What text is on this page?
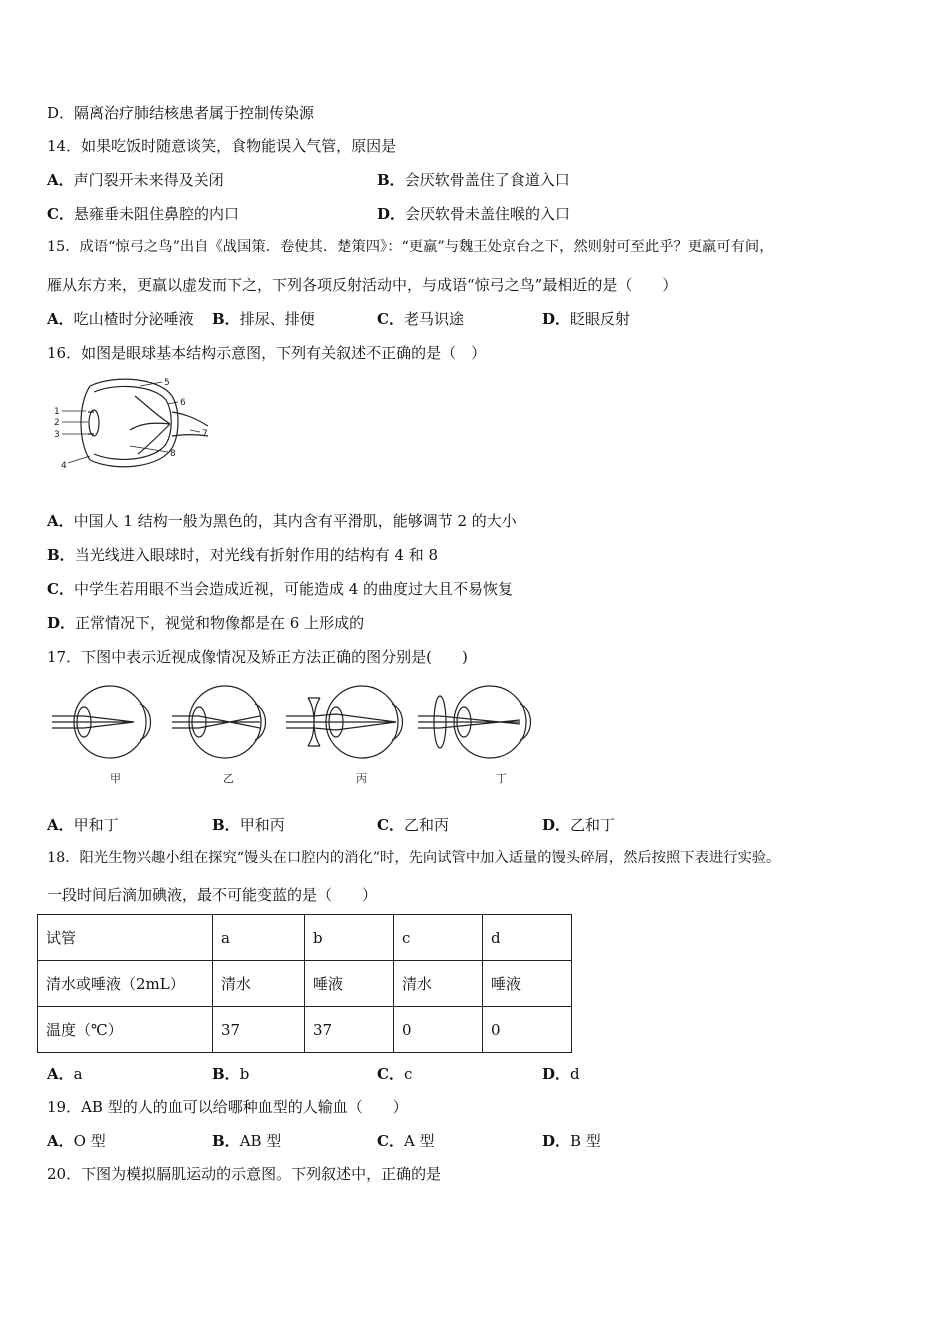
D．隔离治疗肺结核患者属于控制传染源
14．如果吃饭时随意谈笑，食物能误入气管，原因是
A．声门裂开未来得及关闭	B．会厌软骨盖住了食道入口
C．悬雍垂未阻住鼻腔的内口	D．会厌软骨未盖住喉的入口
15．成语“惊弓之鸟”出自《战国策．卷使其．楚策四》：“更羸”与魏王处京台之下，然则射可至此乎？更羸可有间，
雁从东方来，更羸以虚发而下之，下列各项反射活动中，与成语“惊弓之鸟”最相近的是（　　）
A．吃山楂时分泌唾液 B．排尿、排便	C．老马识途	D．眨眼反射
16．如图是眼球基本结构示意图，下列有关叙述不正确的是（　）
1
2
3
4
5
6
7
8
A．中国人 1 结构一般为黑色的，其内含有平滑肌，能够调节 2 的大小
B．当光线进入眼球时，对光线有折射作用的结构有 4 和 8
C．中学生若用眼不当会造成近视，可能造成 4 的曲度过大且不易恢复
D．正常情况下，视觉和物像都是在 6 上形成的
17．下图中表示近视成像情况及矫正方法正确的图分别是(　　)
甲	乙	丙	丁
A．甲和丁	B．甲和丙	C．乙和丙	D．乙和丁
18．阳光生物兴趣小组在探究“馒头在口腔内的消化”时，先向试管中加入适量的馒头碎屑，然后按照下表进行实验。
一段时间后滴加碘液，最不可能变蓝的是（　　）
试管	a	b	c	d
清水或唾液（2mL）	清水	唾液	清水	唾液
温度（℃）	37	37	0	0
A．a	B．b	C．c	D．d
19．AB 型的人的血可以给哪种血型的人输血（　　）
A．O 型	B．AB 型	C．A 型	D．B 型
20．下图为模拟膈肌运动的示意图。下列叙述中，正确的是
